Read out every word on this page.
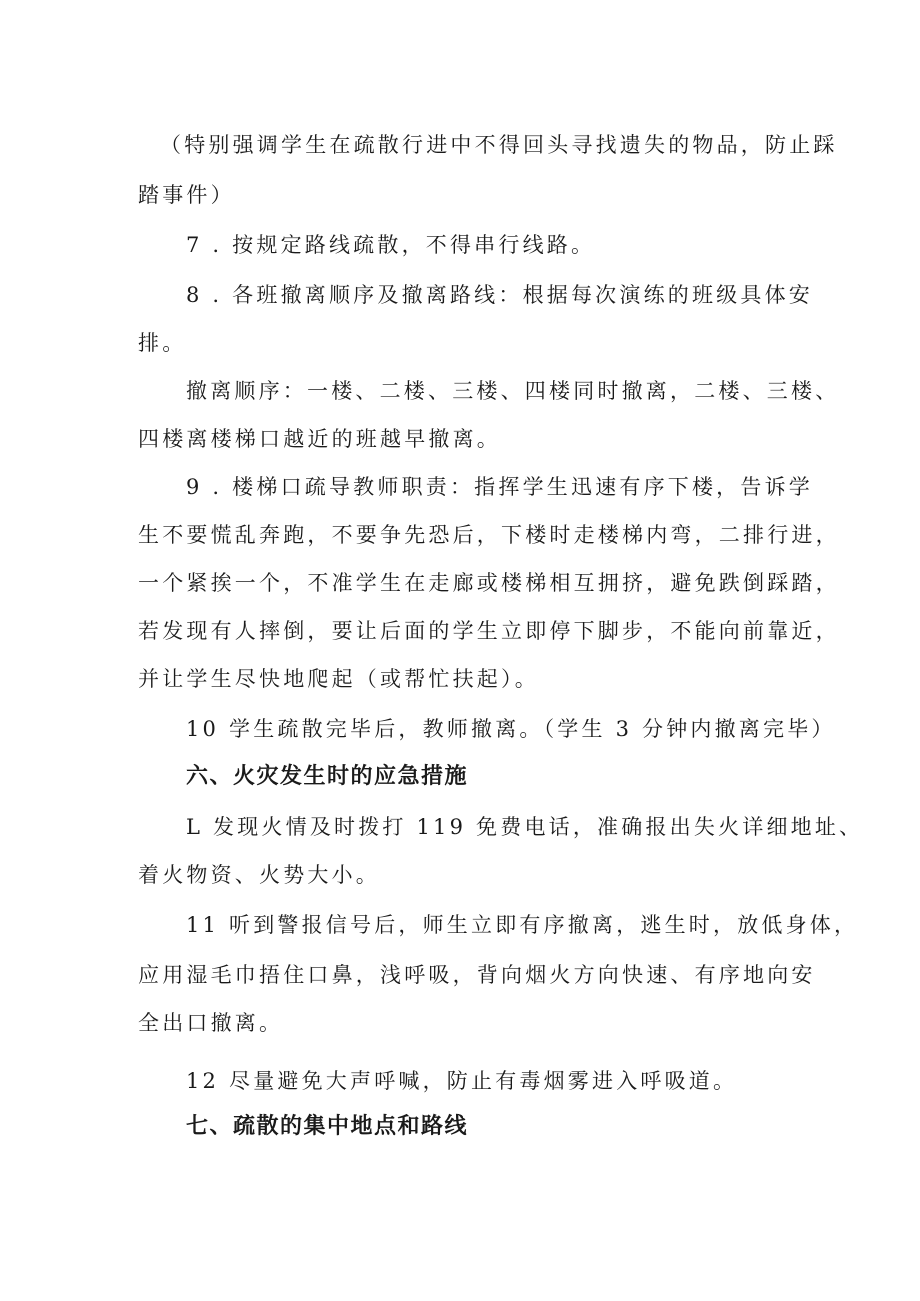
（特别强调学生在疏散行进中不得回头寻找遗失的物品，防止踩
踏事件）
7 . 按规定路线疏散，不得串行线路。
8 . 各班撤离顺序及撤离路线：根据每次演练的班级具体安
排。
撤离顺序：一楼、二楼、三楼、四楼同时撤离，二楼、三楼、
四楼离楼梯口越近的班越早撤离。
9 . 楼梯口疏导教师职责：指挥学生迅速有序下楼，告诉学
生不要慌乱奔跑，不要争先恐后，下楼时走楼梯内弯，二排行进，
一个紧挨一个，不准学生在走廊或楼梯相互拥挤，避免跌倒踩踏，
若发现有人摔倒，要让后面的学生立即停下脚步，不能向前靠近，
并让学生尽快地爬起（或帮忙扶起）。
10 学生疏散完毕后，教师撤离。（学生 3 分钟内撤离完毕）
六、火灾发生时的应急措施
L 发现火情及时拨打 119 免费电话，准确报出失火详细地址、
着火物资、火势大小。
11 听到警报信号后，师生立即有序撤离，逃生时，放低身体，
应用湿毛巾捂住口鼻，浅呼吸，背向烟火方向快速、有序地向安
全出口撤离。
12 尽量避免大声呼喊，防止有毒烟雾进入呼吸道。
七、疏散的集中地点和路线
